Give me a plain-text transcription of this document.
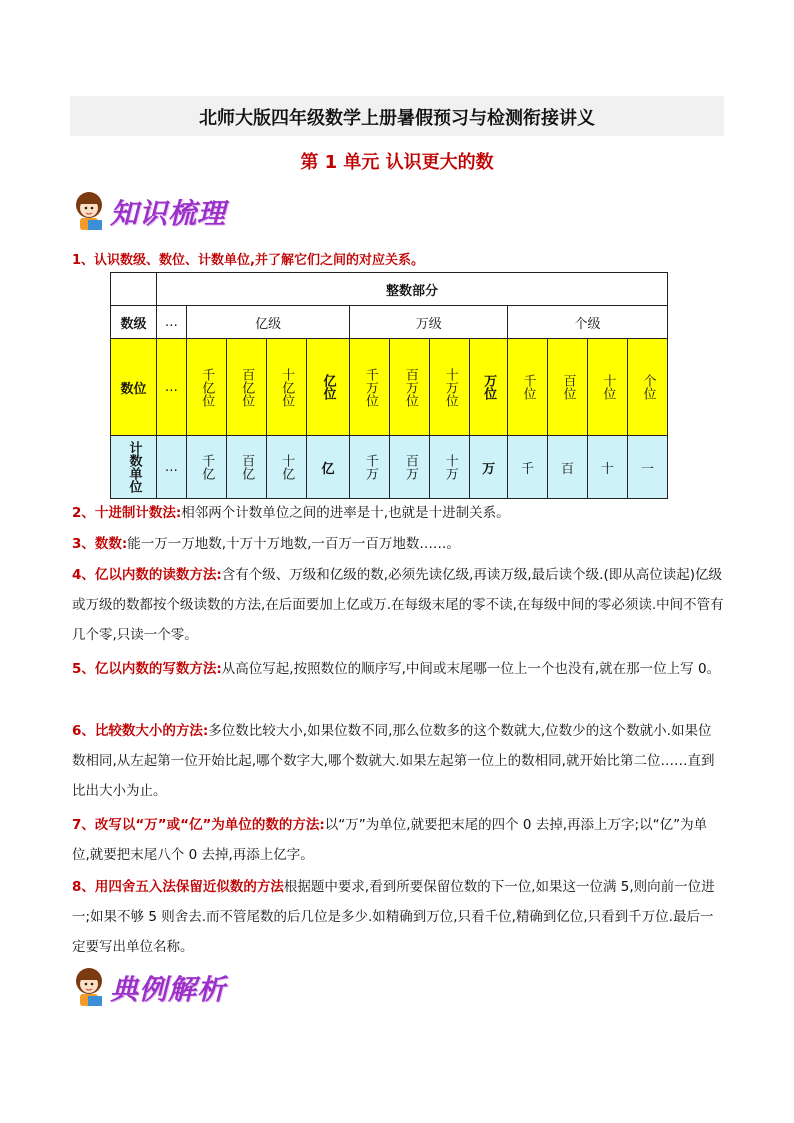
北师大版四年级数学上册暑假预习与检测衔接讲义
第 1 单元 认识更大的数
知识梳理
1、认识数级、数位、计数单位,并了解它们之间的对应关系。
	整数部分												
数级	…	亿级				万级				个级			
数位	…	千亿位	百亿位	十亿位	亿位	千万位	百万位	十万位	万位	千位	百位	十位	个位
计数单位	…	千亿	百亿	十亿	亿	千万	百万	十万	万	千	百	十	一
2、十进制计数法:相邻两个计数单位之间的进率是十,也就是十进制关系。
3、数数:能一万一万地数,十万十万地数,一百万一百万地数……。
4、亿以内数的读数方法:含有个级、万级和亿级的数,必须先读亿级,再读万级,最后读个级.(即从高位读起)亿级或万级的数都按个级读数的方法,在后面要加上亿或万.在每级末尾的零不读,在每级中间的零必须读.中间不管有几个零,只读一个零。
5、亿以内数的写数方法:从高位写起,按照数位的顺序写,中间或末尾哪一位上一个也没有,就在那一位上写 0。
6、比较数大小的方法:多位数比较大小,如果位数不同,那么位数多的这个数就大,位数少的这个数就小.如果位数相同,从左起第一位开始比起,哪个数字大,哪个数就大.如果左起第一位上的数相同,就开始比第二位……直到比出大小为止。
7、改写以“万”或“亿”为单位的数的方法:以“万”为单位,就要把末尾的四个 0 去掉,再添上万字;以“亿”为单位,就要把末尾八个 0 去掉,再添上亿字。
8、用四舍五入法保留近似数的方法根据题中要求,看到所要保留位数的下一位,如果这一位满 5,则向前一位进一;如果不够 5 则舍去.而不管尾数的后几位是多少.如精确到万位,只看千位,精确到亿位,只看到千万位.最后一定要写出单位名称。
典例解析
